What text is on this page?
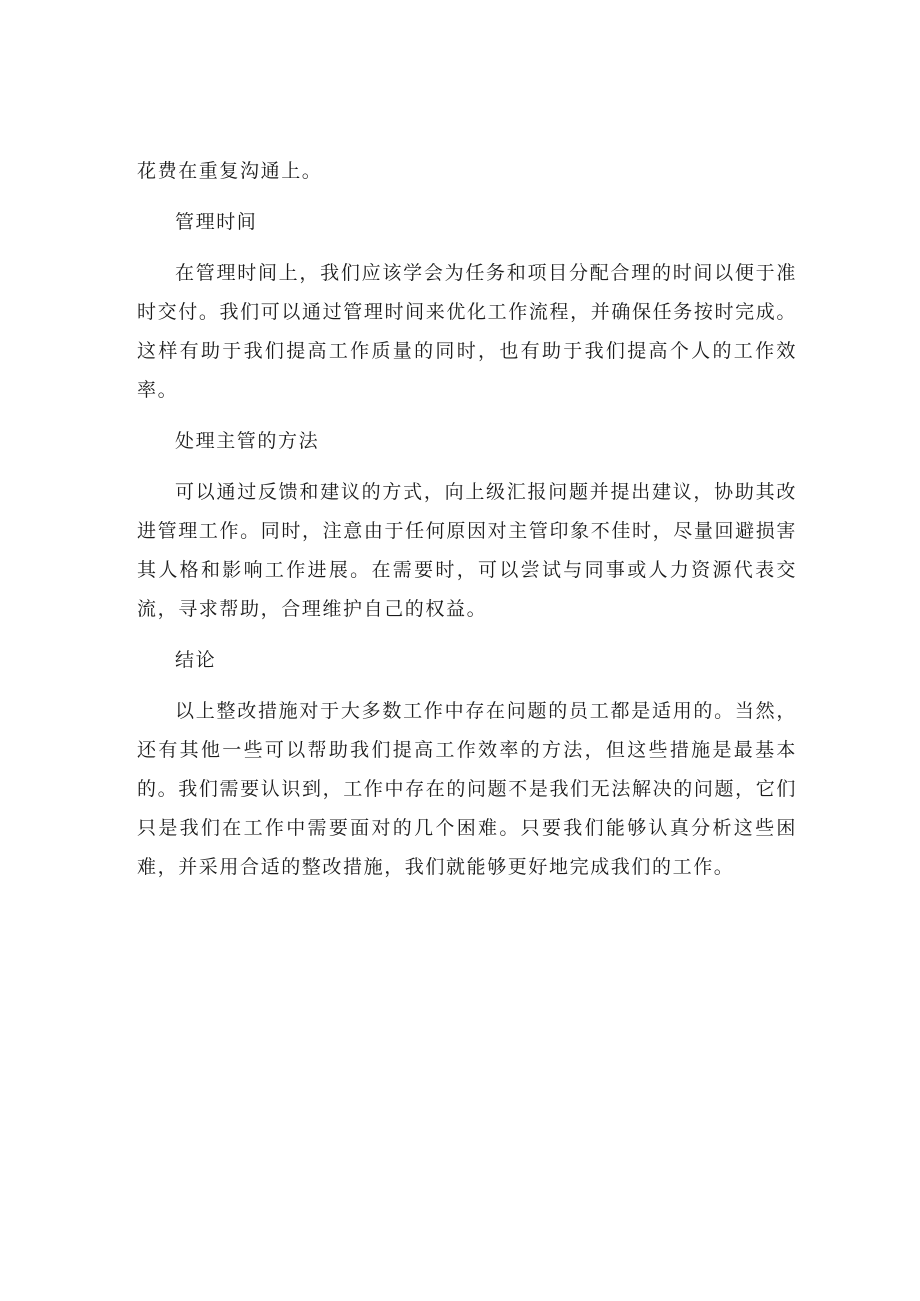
花费在重复沟通上。

管理时间

在管理时间上，我们应该学会为任务和项目分配合理的时间以便于准时交付。我们可以通过管理时间来优化工作流程，并确保任务按时完成。这样有助于我们提高工作质量的同时，也有助于我们提高个人的工作效率。

处理主管的方法

可以通过反馈和建议的方式，向上级汇报问题并提出建议，协助其改进管理工作。同时，注意由于任何原因对主管印象不佳时，尽量回避损害其人格和影响工作进展。在需要时，可以尝试与同事或人力资源代表交流，寻求帮助，合理维护自己的权益。

结论

以上整改措施对于大多数工作中存在问题的员工都是适用的。当然，还有其他一些可以帮助我们提高工作效率的方法，但这些措施是最基本的。我们需要认识到，工作中存在的问题不是我们无法解决的问题，它们只是我们在工作中需要面对的几个困难。只要我们能够认真分析这些困难，并采用合适的整改措施，我们就能够更好地完成我们的工作。
